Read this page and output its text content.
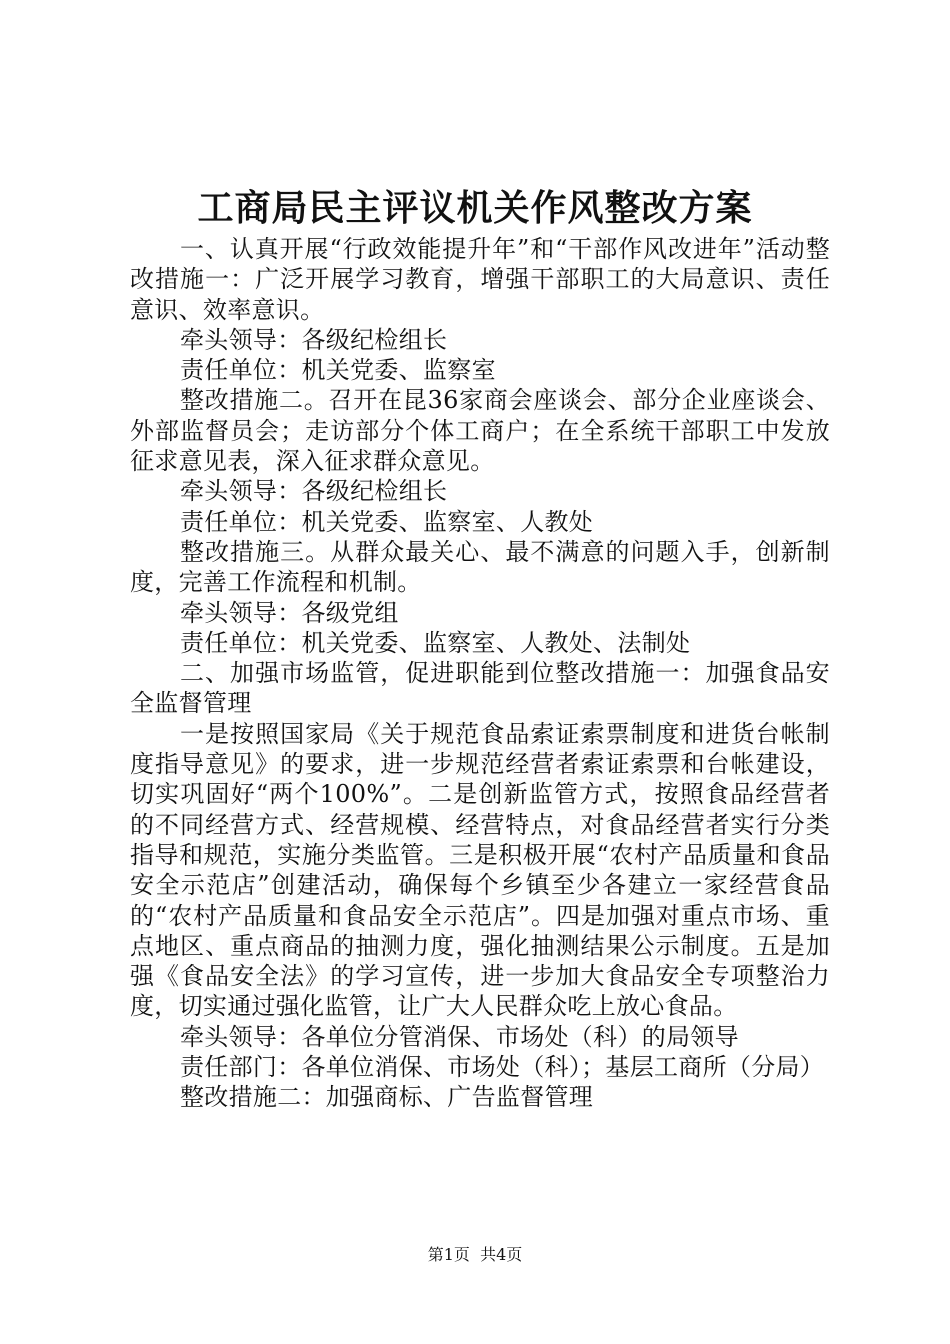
工商局民主评议机关作风整改方案

一、认真开展“行政效能提升年”和“干部作风改进年”活动整改措施一：广泛开展学习教育，增强干部职工的大局意识、责任意识、效率意识。

牵头领导：各级纪检组长

责任单位：机关党委、监察室

整改措施二。召开在昆36家商会座谈会、部分企业座谈会、外部监督员会；走访部分个体工商户；在全系统干部职工中发放征求意见表，深入征求群众意见。

牵头领导：各级纪检组长

责任单位：机关党委、监察室、人教处

整改措施三。从群众最关心、最不满意的问题入手，创新制度，完善工作流程和机制。

牵头领导：各级党组

责任单位：机关党委、监察室、人教处、法制处

二、加强市场监管，促进职能到位整改措施一：加强食品安全监督管理

一是按照国家局《关于规范食品索证索票制度和进货台帐制度指导意见》的要求，进一步规范经营者索证索票和台帐建设，切实巩固好“两个100%”。二是创新监管方式，按照食品经营者的不同经营方式、经营规模、经营特点，对食品经营者实行分类指导和规范，实施分类监管。三是积极开展“农村产品质量和食品安全示范店”创建活动，确保每个乡镇至少各建立一家经营食品的“农村产品质量和食品安全示范店”。四是加强对重点市场、重点地区、重点商品的抽测力度，强化抽测结果公示制度。五是加强《食品安全法》的学习宣传，进一步加大食品安全专项整治力度，切实通过强化监管，让广大人民群众吃上放心食品。

牵头领导：各单位分管消保、市场处（科）的局领导

责任部门：各单位消保、市场处（科）；基层工商所（分局）

整改措施二：加强商标、广告监督管理

第1页  共4页
